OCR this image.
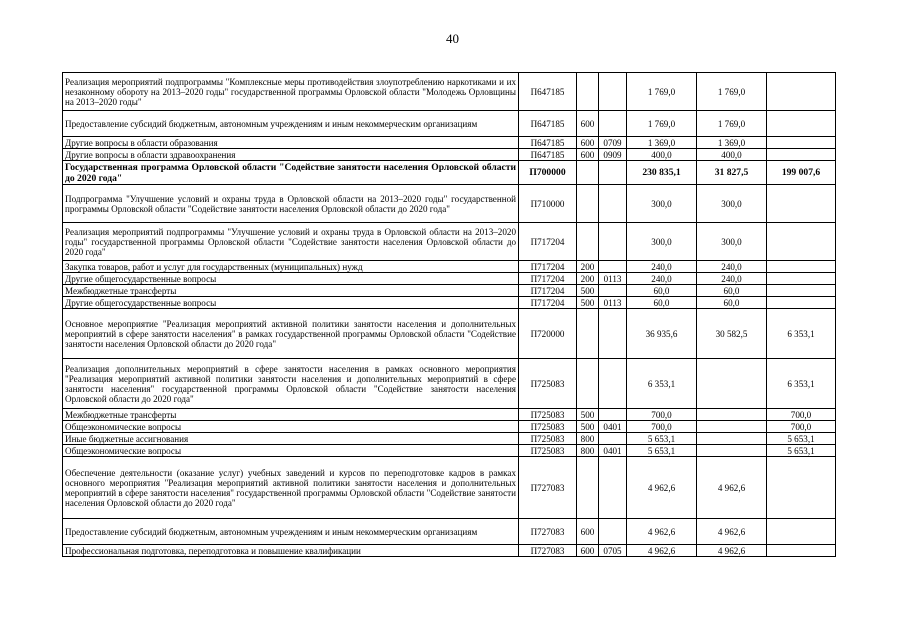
40
Реализация мероприятий подпрограммы "Комплексные меры противодействия злоупотреблению наркотиками и их незаконному обороту на 2013–2020 годы" государственной программы Орловской области "Молодежь Орловщины на 2013–2020 годы"	П647185			1 769,0	1 769,0	
Предоставление субсидий бюджетным, автономным учреждениям и иным некоммерческим организациям	П647185	600		1 769,0	1 769,0	
Другие вопросы в области образования	П647185	600	0709	1 369,0	1 369,0	
Другие вопросы в области здравоохранения	П647185	600	0909	400,0	400,0	
Государственная программа Орловской области "Содействие занятости населения Орловской области до 2020 года"	П700000			230 835,1	31 827,5	199 007,6
Подпрограмма "Улучшение условий и охраны труда в Орловской области на 2013–2020 годы" государственной программы Орловской области "Содействие занятости населения Орловской области до 2020 года"	П710000			300,0	300,0	
Реализация мероприятий подпрограммы "Улучшение условий и охраны труда в Орловской области на 2013–2020 годы" государственной программы Орловской области "Содействие занятости населения Орловской области до 2020 года"	П717204			300,0	300,0	
Закупка товаров, работ и услуг для государственных (муниципальных) нужд	П717204	200		240,0	240,0	
Другие общегосударственные вопросы	П717204	200	0113	240,0	240,0	
Межбюджетные трансферты	П717204	500		60,0	60,0	
Другие общегосударственные вопросы	П717204	500	0113	60,0	60,0	
Основное мероприятие "Реализация мероприятий активной политики занятости населения и дополнительных мероприятий в сфере занятости населения" в рамках государственной программы Орловской области "Содействие занятости населения Орловской области до 2020 года"	П720000			36 935,6	30 582,5	6 353,1
Реализация дополнительных мероприятий в сфере занятости населения в рамках основного мероприятия "Реализация мероприятий активной политики занятости населения и дополнительных мероприятий в сфере занятости населения" государственной программы Орловской области "Содействие занятости населения Орловской области до 2020 года"	П725083			6 353,1		6 353,1
Межбюджетные трансферты	П725083	500		700,0		700,0
Общеэкономические вопросы	П725083	500	0401	700,0		700,0
Иные бюджетные ассигнования	П725083	800		5 653,1		5 653,1
Общеэкономические вопросы	П725083	800	0401	5 653,1		5 653,1
Обеспечение деятельности (оказание услуг) учебных заведений и курсов по переподготовке кадров в рамках основного мероприятия "Реализация мероприятий активной политики занятости населения и дополнительных мероприятий в сфере занятости населения" государственной программы Орловской области "Содействие занятости населения Орловской области до 2020 года"	П727083			4 962,6	4 962,6	
Предоставление субсидий бюджетным, автономным учреждениям и иным некоммерческим организациям	П727083	600		4 962,6	4 962,6	
Профессиональная подготовка, переподготовка и повышение квалификации	П727083	600	0705	4 962,6	4 962,6	
